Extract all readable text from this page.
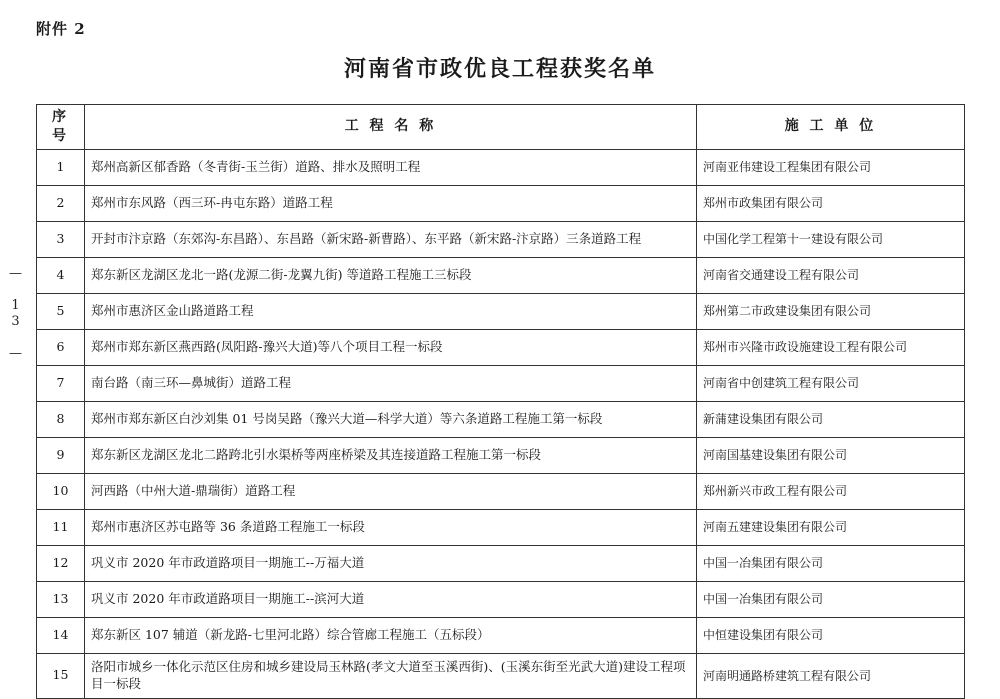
附件 2
河南省市政优良工程获奖名单
— 13 —
序 号	工 程 名 称	施 工 单 位
1	郑州高新区郁香路（冬青街-玉兰街）道路、排水及照明工程	河南亚伟建设工程集团有限公司
2	郑州市东风路（西三环-冉屯东路）道路工程	郑州市政集团有限公司
3	开封市汴京路（东郊沟-东昌路）、东昌路（新宋路-新曹路）、东平路（新宋路-汴京路）三条道路工程	中国化学工程第十一建设有限公司
4	郑东新区龙湖区龙北一路(龙源二街-龙翼九街) 等道路工程施工三标段	河南省交通建设工程有限公司
5	郑州市惠济区金山路道路工程	郑州第二市政建设集团有限公司
6	郑州市郑东新区燕西路(凤阳路-豫兴大道)等八个项目工程一标段	郑州市兴隆市政设施建设工程有限公司
7	南台路（南三环—鼻城街）道路工程	河南省中创建筑工程有限公司
8	郑州市郑东新区白沙刘集 01 号岗吴路（豫兴大道—科学大道）等六条道路工程施工第一标段	新蒲建设集团有限公司
9	郑东新区龙湖区龙北二路跨北引水渠桥等两座桥梁及其连接道路工程施工第一标段	河南国基建设集团有限公司
10	河西路（中州大道-鼎瑞街）道路工程	郑州新兴市政工程有限公司
11	郑州市惠济区苏屯路等 36 条道路工程施工一标段	河南五建建设集团有限公司
12	巩义市 2020 年市政道路项目一期施工--万福大道	中国一冶集团有限公司
13	巩义市 2020 年市政道路项目一期施工--滨河大道	中国一冶集团有限公司
14	郑东新区 107 辅道（新龙路-七里河北路）综合管廊工程施工（五标段）	中恒建设集团有限公司
15	洛阳市城乡一体化示范区住房和城乡建设局玉林路(孝文大道至玉溪西街)、(玉溪东街至光武大道)建设工程项目一标段	河南明通路桥建筑工程有限公司
